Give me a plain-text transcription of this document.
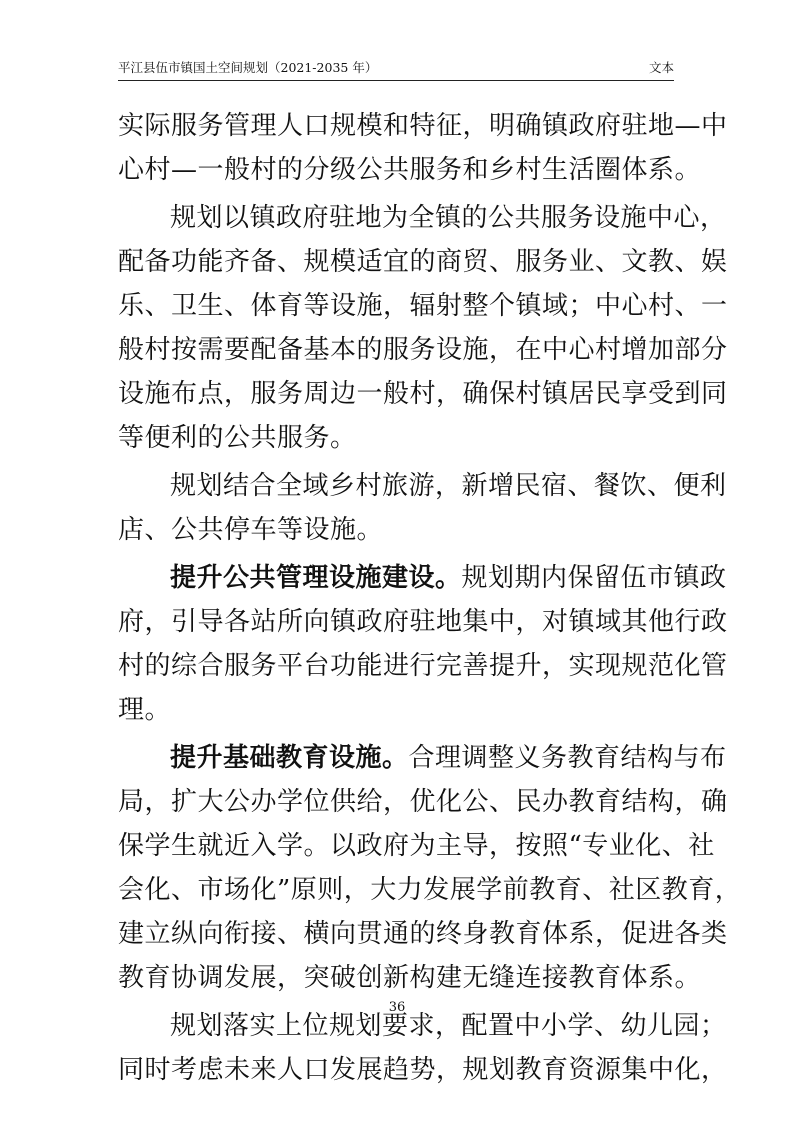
平江县伍市镇国土空间规划（2021-2035 年）	文本
实际服务管理人口规模和特征，明确镇政府驻地—中
心村—一般村的分级公共服务和乡村生活圈体系。
规划以镇政府驻地为全镇的公共服务设施中心，
配备功能齐备、规模适宜的商贸、服务业、文教、娱
乐、卫生、体育等设施，辐射整个镇域；中心村、一
般村按需要配备基本的服务设施，在中心村增加部分
设施布点，服务周边一般村，确保村镇居民享受到同
等便利的公共服务。
规划结合全域乡村旅游，新增民宿、餐饮、便利
店、公共停车等设施。
提升公共管理设施建设。规划期内保留伍市镇政
府，引导各站所向镇政府驻地集中，对镇域其他行政
村的综合服务平台功能进行完善提升，实现规范化管
理。
提升基础教育设施。合理调整义务教育结构与布
局，扩大公办学位供给，优化公、民办教育结构，确
保学生就近入学。以政府为主导，按照“专业化、社
会化、市场化”原则，大力发展学前教育、社区教育，
建立纵向衔接、横向贯通的终身教育体系，促进各类
教育协调发展，突破创新构建无缝连接教育体系。
规划落实上位规划要求，配置中小学、幼儿园；
同时考虑未来人口发展趋势，规划教育资源集中化，
36
